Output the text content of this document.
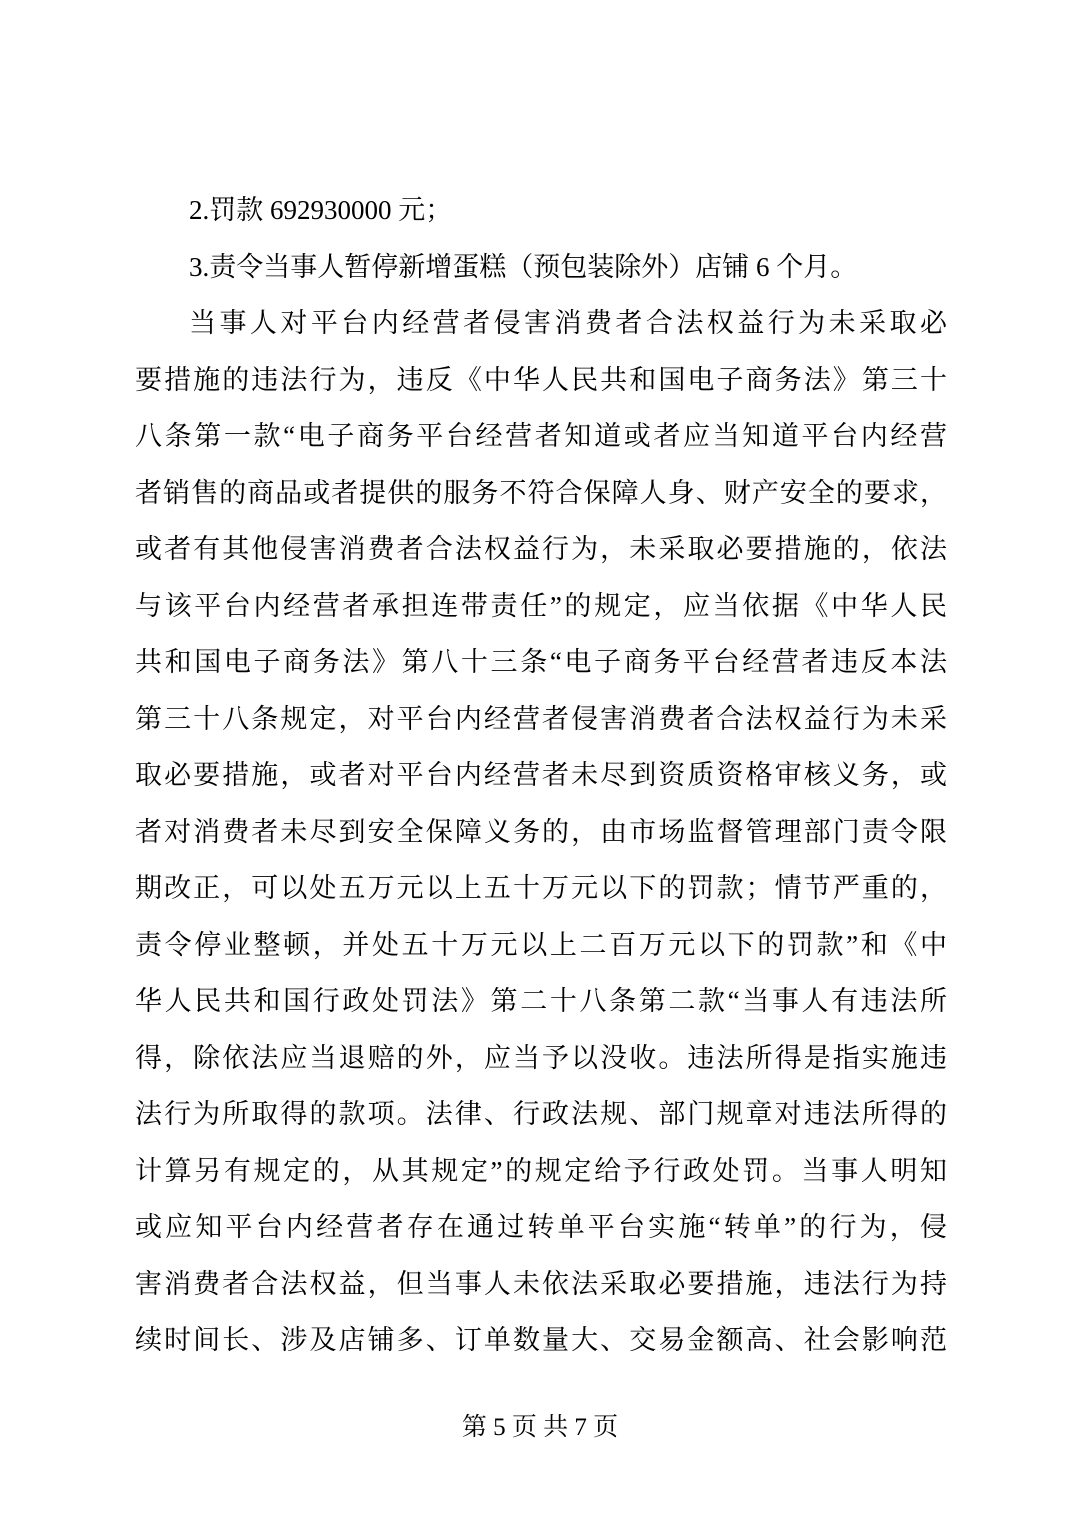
2.罚款 692930000 元；
3.责令当事人暂停新增蛋糕（预包装除外）店铺 6 个月。
当事人对平台内经营者侵害消费者合法权益行为未采取必
要措施的违法行为，违反《中华人民共和国电子商务法》第三十
八条第一款“电子商务平台经营者知道或者应当知道平台内经营
者销售的商品或者提供的服务不符合保障人身、财产安全的要求，
或者有其他侵害消费者合法权益行为，未采取必要措施的，依法
与该平台内经营者承担连带责任”的规定，应当依据《中华人民
共和国电子商务法》第八十三条“电子商务平台经营者违反本法
第三十八条规定，对平台内经营者侵害消费者合法权益行为未采
取必要措施，或者对平台内经营者未尽到资质资格审核义务，或
者对消费者未尽到安全保障义务的，由市场监督管理部门责令限
期改正，可以处五万元以上五十万元以下的罚款；情节严重的，
责令停业整顿，并处五十万元以上二百万元以下的罚款”和《中
华人民共和国行政处罚法》第二十八条第二款“当事人有违法所
得，除依法应当退赔的外，应当予以没收。违法所得是指实施违
法行为所取得的款项。法律、行政法规、部门规章对违法所得的
计算另有规定的，从其规定”的规定给予行政处罚。当事人明知
或应知平台内经营者存在通过转单平台实施“转单”的行为，侵
害消费者合法权益，但当事人未依法采取必要措施，违法行为持
续时间长、涉及店铺多、订单数量大、交易金额高、社会影响范
第 5 页 共 7 页
